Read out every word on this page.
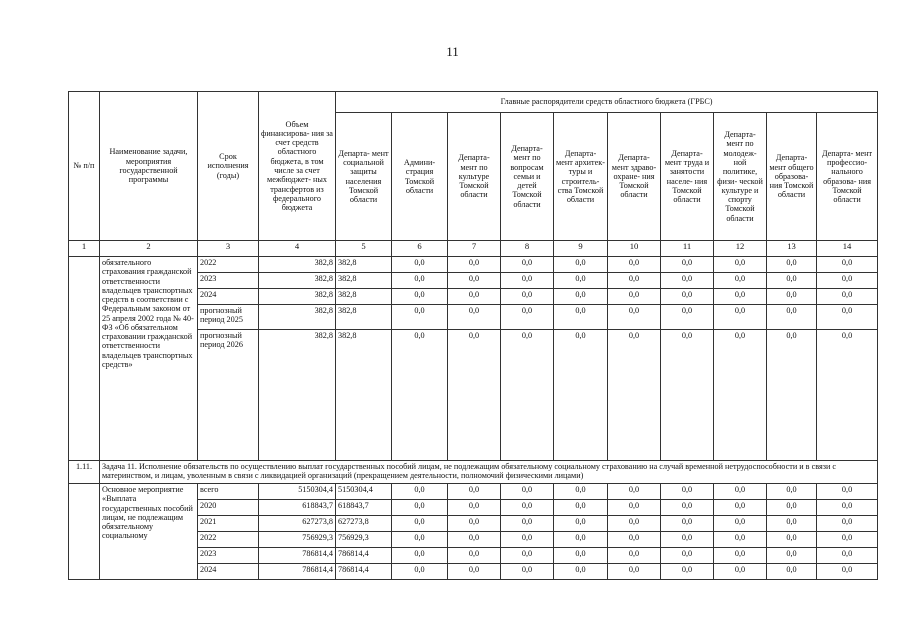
11
№ п/п	Наименование задачи, мероприятия государственной программы	Срок исполнения (годы)	Объем финансирова- ния за счет средств областного бюджета, в том числе за счет межбюджет- ных трансфертов из федерального бюджета	Главные распорядители средств областного бюджета (ГРБС)									
				Департа- мент социальной защиты населения Томской области	Админи- страция Томской области	Департа- мент по культуре Томской области	Департа- мент по вопросам семьи и детей Томской области	Департа- мент архитек- туры и строитель- ства Томской области	Департа- мент здраво- охране- ния Томской области	Департа- мент труда и занятости населе- ния Томской области	Департа- мент по молодеж- ной политике, физи- ческой культуре и спорту Томской области	Департа- мент общего образова- ния Томской области	Департа- мент профессио- нального образова- ния Томской области
1	2	3	4	5	6	7	8	9	10	11	12	13	14
	обязательного страхования гражданской ответственности владельцев транспортных средств в соответствии с Федеральным законом от 25 апреля 2002 года № 40-ФЗ «Об обязательном страховании гражданской ответственности владельцев транспортных средств»	2022	382,8	382,8	0,0	0,0	0,0	0,0	0,0	0,0	0,0	0,0	0,0
		2023	382,8	382,8	0,0	0,0	0,0	0,0	0,0	0,0	0,0	0,0	0,0
		2024	382,8	382,8	0,0	0,0	0,0	0,0	0,0	0,0	0,0	0,0	0,0
		прогнозный период 2025	382,8	382,8	0,0	0,0	0,0	0,0	0,0	0,0	0,0	0,0	0,0
		прогнозный период 2026	382,8	382,8	0,0	0,0	0,0	0,0	0,0	0,0	0,0	0,0	0,0
1.11.	Задача 11. Исполнение обязательств по осуществлению выплат государственных пособий лицам, не подлежащим обязательному социальному страхованию на случай временной нетрудоспособности и в связи с материнством, и лицам, уволенным в связи с ликвидацией организаций (прекращением деятельности, полномочий физическими лицами)												
	Основное мероприятие «Выплата государственных пособий лицам, не подлежащим обязательному социальному	всего	5150304,4	5150304,4	0,0	0,0	0,0	0,0	0,0	0,0	0,0	0,0	0,0
		2020	618843,7	618843,7	0,0	0,0	0,0	0,0	0,0	0,0	0,0	0,0	0,0
		2021	627273,8	627273,8	0,0	0,0	0,0	0,0	0,0	0,0	0,0	0,0	0,0
		2022	756929,3	756929,3	0,0	0,0	0,0	0,0	0,0	0,0	0,0	0,0	0,0
		2023	786814,4	786814,4	0,0	0,0	0,0	0,0	0,0	0,0	0,0	0,0	0,0
		2024	786814,4	786814,4	0,0	0,0	0,0	0,0	0,0	0,0	0,0	0,0	0,0
